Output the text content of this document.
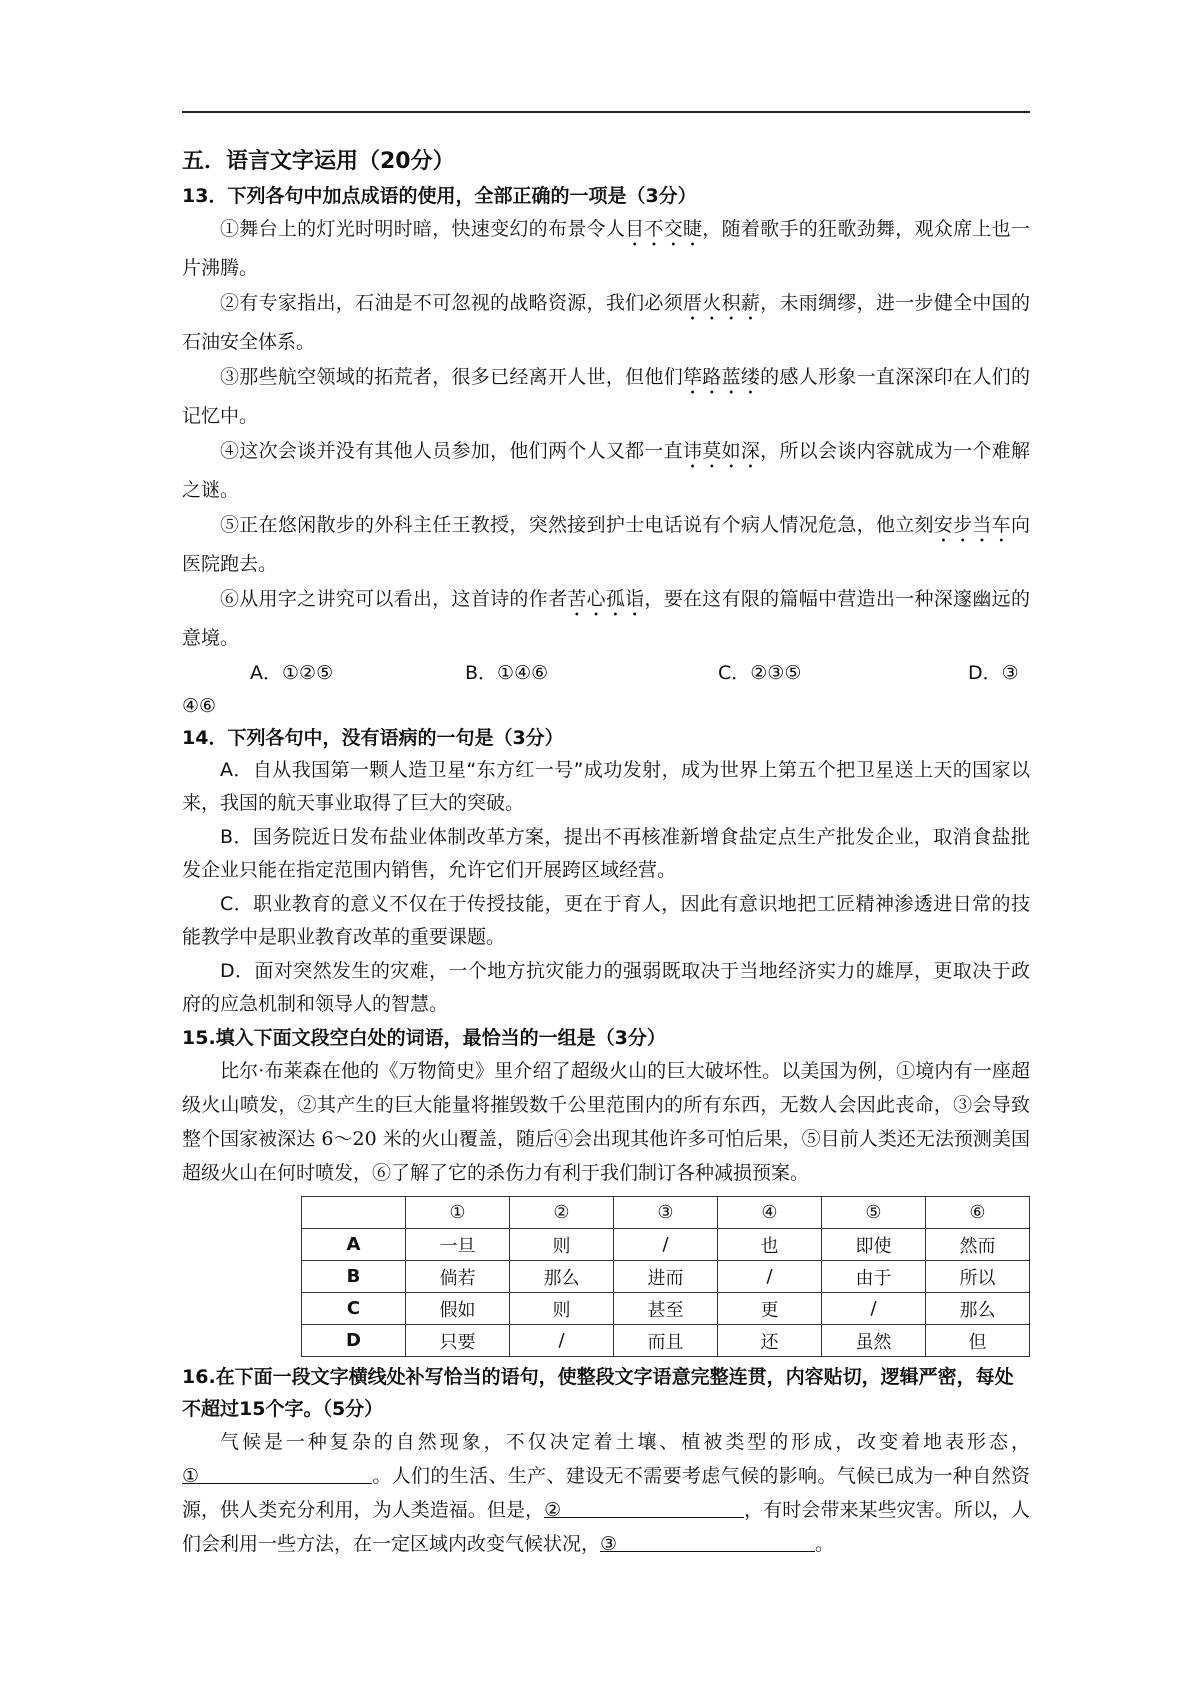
五．语言文字运用（20分）
13．下列各句中加点成语的使用，全部正确的一项是（3分）

①舞台上的灯光时明时暗，快速变幻的布景令人目不交睫，随着歌手的狂歌劲舞，观众席上也一片沸腾。

②有专家指出，石油是不可忽视的战略资源，我们必须厝火积薪，未雨绸缪，进一步健全中国的石油安全体系。

③那些航空领域的拓荒者，很多已经离开人世，但他们筚路蓝缕的感人形象一直深深印在人们的记忆中。

④这次会谈并没有其他人员参加，他们两个人又都一直讳莫如深，所以会谈内容就成为一个难解之谜。

⑤正在悠闲散步的外科主任王教授，突然接到护士电话说有个病人情况危急，他立刻安步当车向医院跑去。

⑥从用字之讲究可以看出，这首诗的作者苦心孤诣，要在这有限的篇幅中营造出一种深邃幽远的意境。

A．①②⑤	B．①④⑥	C．②③⑤	D．③
④⑥
14．下列各句中，没有语病的一句是（3分）

A．自从我国第一颗人造卫星“东方红一号”成功发射，成为世界上第五个把卫星送上天的国家以来，我国的航天事业取得了巨大的突破。

B．国务院近日发布盐业体制改革方案，提出不再核准新增食盐定点生产批发企业，取消食盐批发企业只能在指定范围内销售，允许它们开展跨区域经营。

C．职业教育的意义不仅在于传授技能，更在于育人，因此有意识地把工匠精神渗透进日常的技能教学中是职业教育改革的重要课题。

D．面对突然发生的灾难，一个地方抗灾能力的强弱既取决于当地经济实力的雄厚，更取决于政府的应急机制和领导人的智慧。

15.填入下面文段空白处的词语，最恰当的一组是（3分）

比尔·布莱森在他的《万物简史》里介绍了超级火山的巨大破坏性。以美国为例，①境内有一座超级火山喷发，②其产生的巨大能量将摧毁数千公里范围内的所有东西，无数人会因此丧命，③会导致整个国家被深达 6～20 米的火山覆盖，随后④会出现其他许多可怕后果，⑤目前人类还无法预测美国超级火山在何时喷发，⑥了解了它的杀伤力有利于我们制订各种减损预案。

	①	②	③	④	⑤	⑥
A	一旦	则	/	也	即使	然而
B	倘若	那么	进而	/	由于	所以
C	假如	则	甚至	更	/	那么
D	只要	/	而且	还	虽然	但
16.在下面一段文字横线处补写恰当的语句，使整段文字语意完整连贯，内容贴切，逻辑严密，每处不超过15个字。（5分）

气候是一种复杂的自然现象，不仅决定着土壤、植被类型的形成，改变着地表形态，①	。人们的生活、生产、建设无不需要考虑气候的影响。气候已成为一种自然资源，供人类充分利用，为人类造福。但是，②	，有时会带来某些灾害。所以，人们会利用一些方法，在一定区域内改变气候状况，③	。
